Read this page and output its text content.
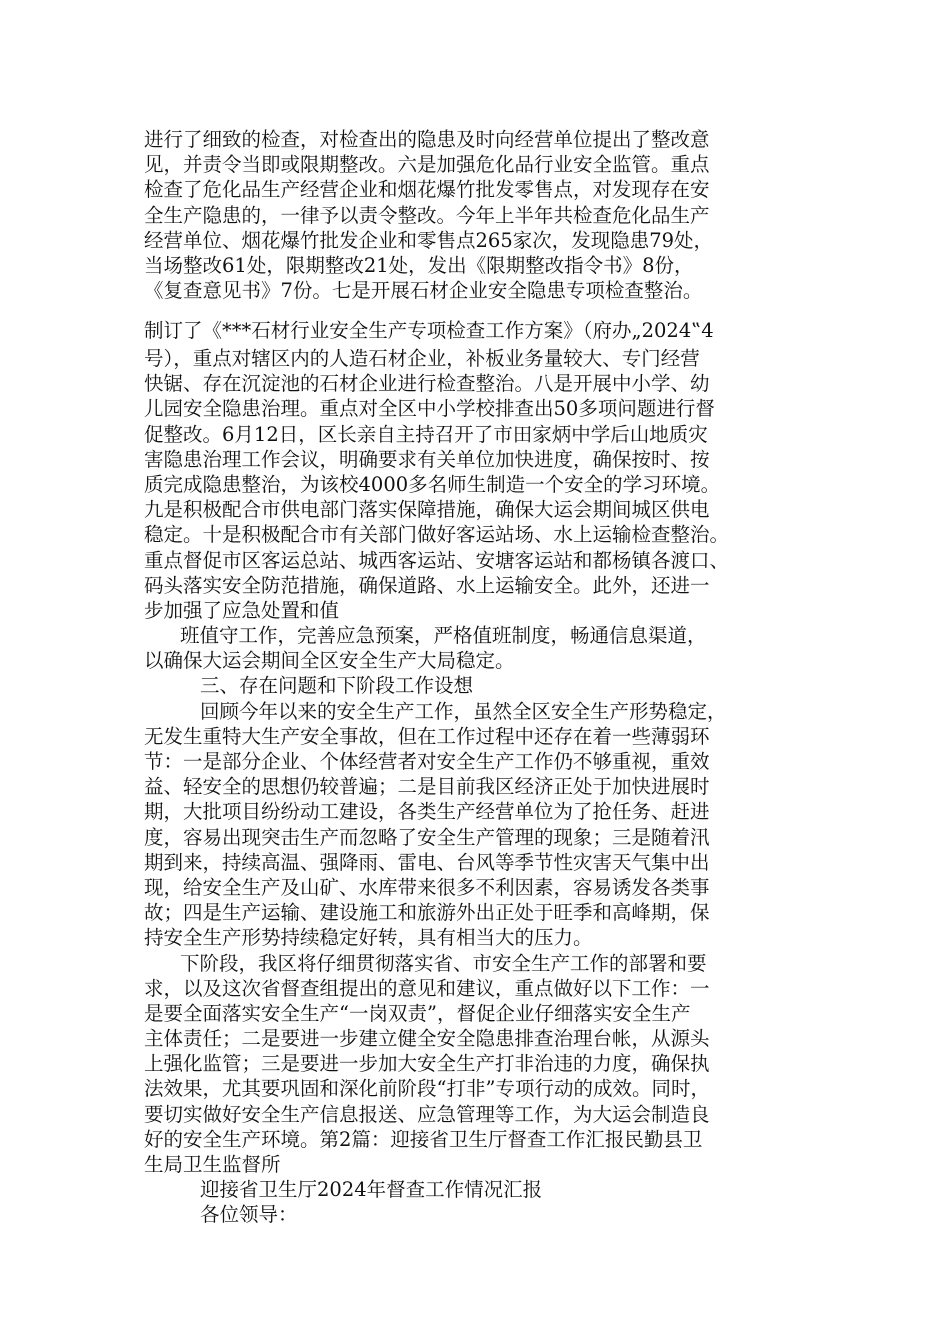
进行了细致的检查，对检查出的隐患及时向经营单位提出了整改意
见，并责令当即或限期整改。六是加强危化品行业安全监管。重点
检查了危化品生产经营企业和烟花爆竹批发零售点，对发现存在安
全生产隐患的，一律予以责令整改。今年上半年共检查危化品生产
经营单位、烟花爆竹批发企业和零售点265家次，发现隐患79处，
当场整改61处，限期整改21处，发出《限期整改指令书》8份，
《复查意见书》7份。七是开展石材企业安全隐患专项检查整治。
制订了《***石材行业安全生产专项检查工作方案》（府办„2024‟4
号），重点对辖区内的人造石材企业，补板业务量较大、专门经营
快锯、存在沉淀池的石材企业进行检查整治。八是开展中小学、幼
儿园安全隐患治理。重点对全区中小学校排查出50多项问题进行督
促整改。6月12日，区长亲自主持召开了市田家炳中学后山地质灾
害隐患治理工作会议，明确要求有关单位加快进度，确保按时、按
质完成隐患整治，为该校4000多名师生制造一个安全的学习环境。
九是积极配合市供电部门落实保障措施，确保大运会期间城区供电
稳定。十是积极配合市有关部门做好客运站场、水上运输检查整治。
重点督促市区客运总站、城西客运站、安塘客运站和都杨镇各渡口、
码头落实安全防范措施，确保道路、水上运输安全。此外，还进一
步加强了应急处置和值
班值守工作，完善应急预案，严格值班制度，畅通信息渠道，
以确保大运会期间全区安全生产大局稳定。
三、存在问题和下阶段工作设想
回顾今年以来的安全生产工作，虽然全区安全生产形势稳定，
无发生重特大生产安全事故，但在工作过程中还存在着一些薄弱环
节：一是部分企业、个体经营者对安全生产工作仍不够重视，重效
益、轻安全的思想仍较普遍；二是目前我区经济正处于加快进展时
期，大批项目纷纷动工建设，各类生产经营单位为了抢任务、赶进
度，容易出现突击生产而忽略了安全生产管理的现象；三是随着汛
期到来，持续高温、强降雨、雷电、台风等季节性灾害天气集中出
现，给安全生产及山矿、水库带来很多不利因素，容易诱发各类事
故；四是生产运输、建设施工和旅游外出正处于旺季和高峰期，保
持安全生产形势持续稳定好转，具有相当大的压力。
下阶段，我区将仔细贯彻落实省、市安全生产工作的部署和要
求，以及这次省督查组提出的意见和建议，重点做好以下工作：一
是要全面落实安全生产“一岗双责”，督促企业仔细落实安全生产
主体责任；二是要进一步建立健全安全隐患排查治理台帐，从源头
上强化监管；三是要进一步加大安全生产打非治违的力度，确保执
法效果，尤其要巩固和深化前阶段“打非”专项行动的成效。同时，
要切实做好安全生产信息报送、应急管理等工作，为大运会制造良
好的安全生产环境。第2篇：迎接省卫生厅督查工作汇报民勤县卫
生局卫生监督所
迎接省卫生厅2024年督查工作情况汇报
各位领导：
